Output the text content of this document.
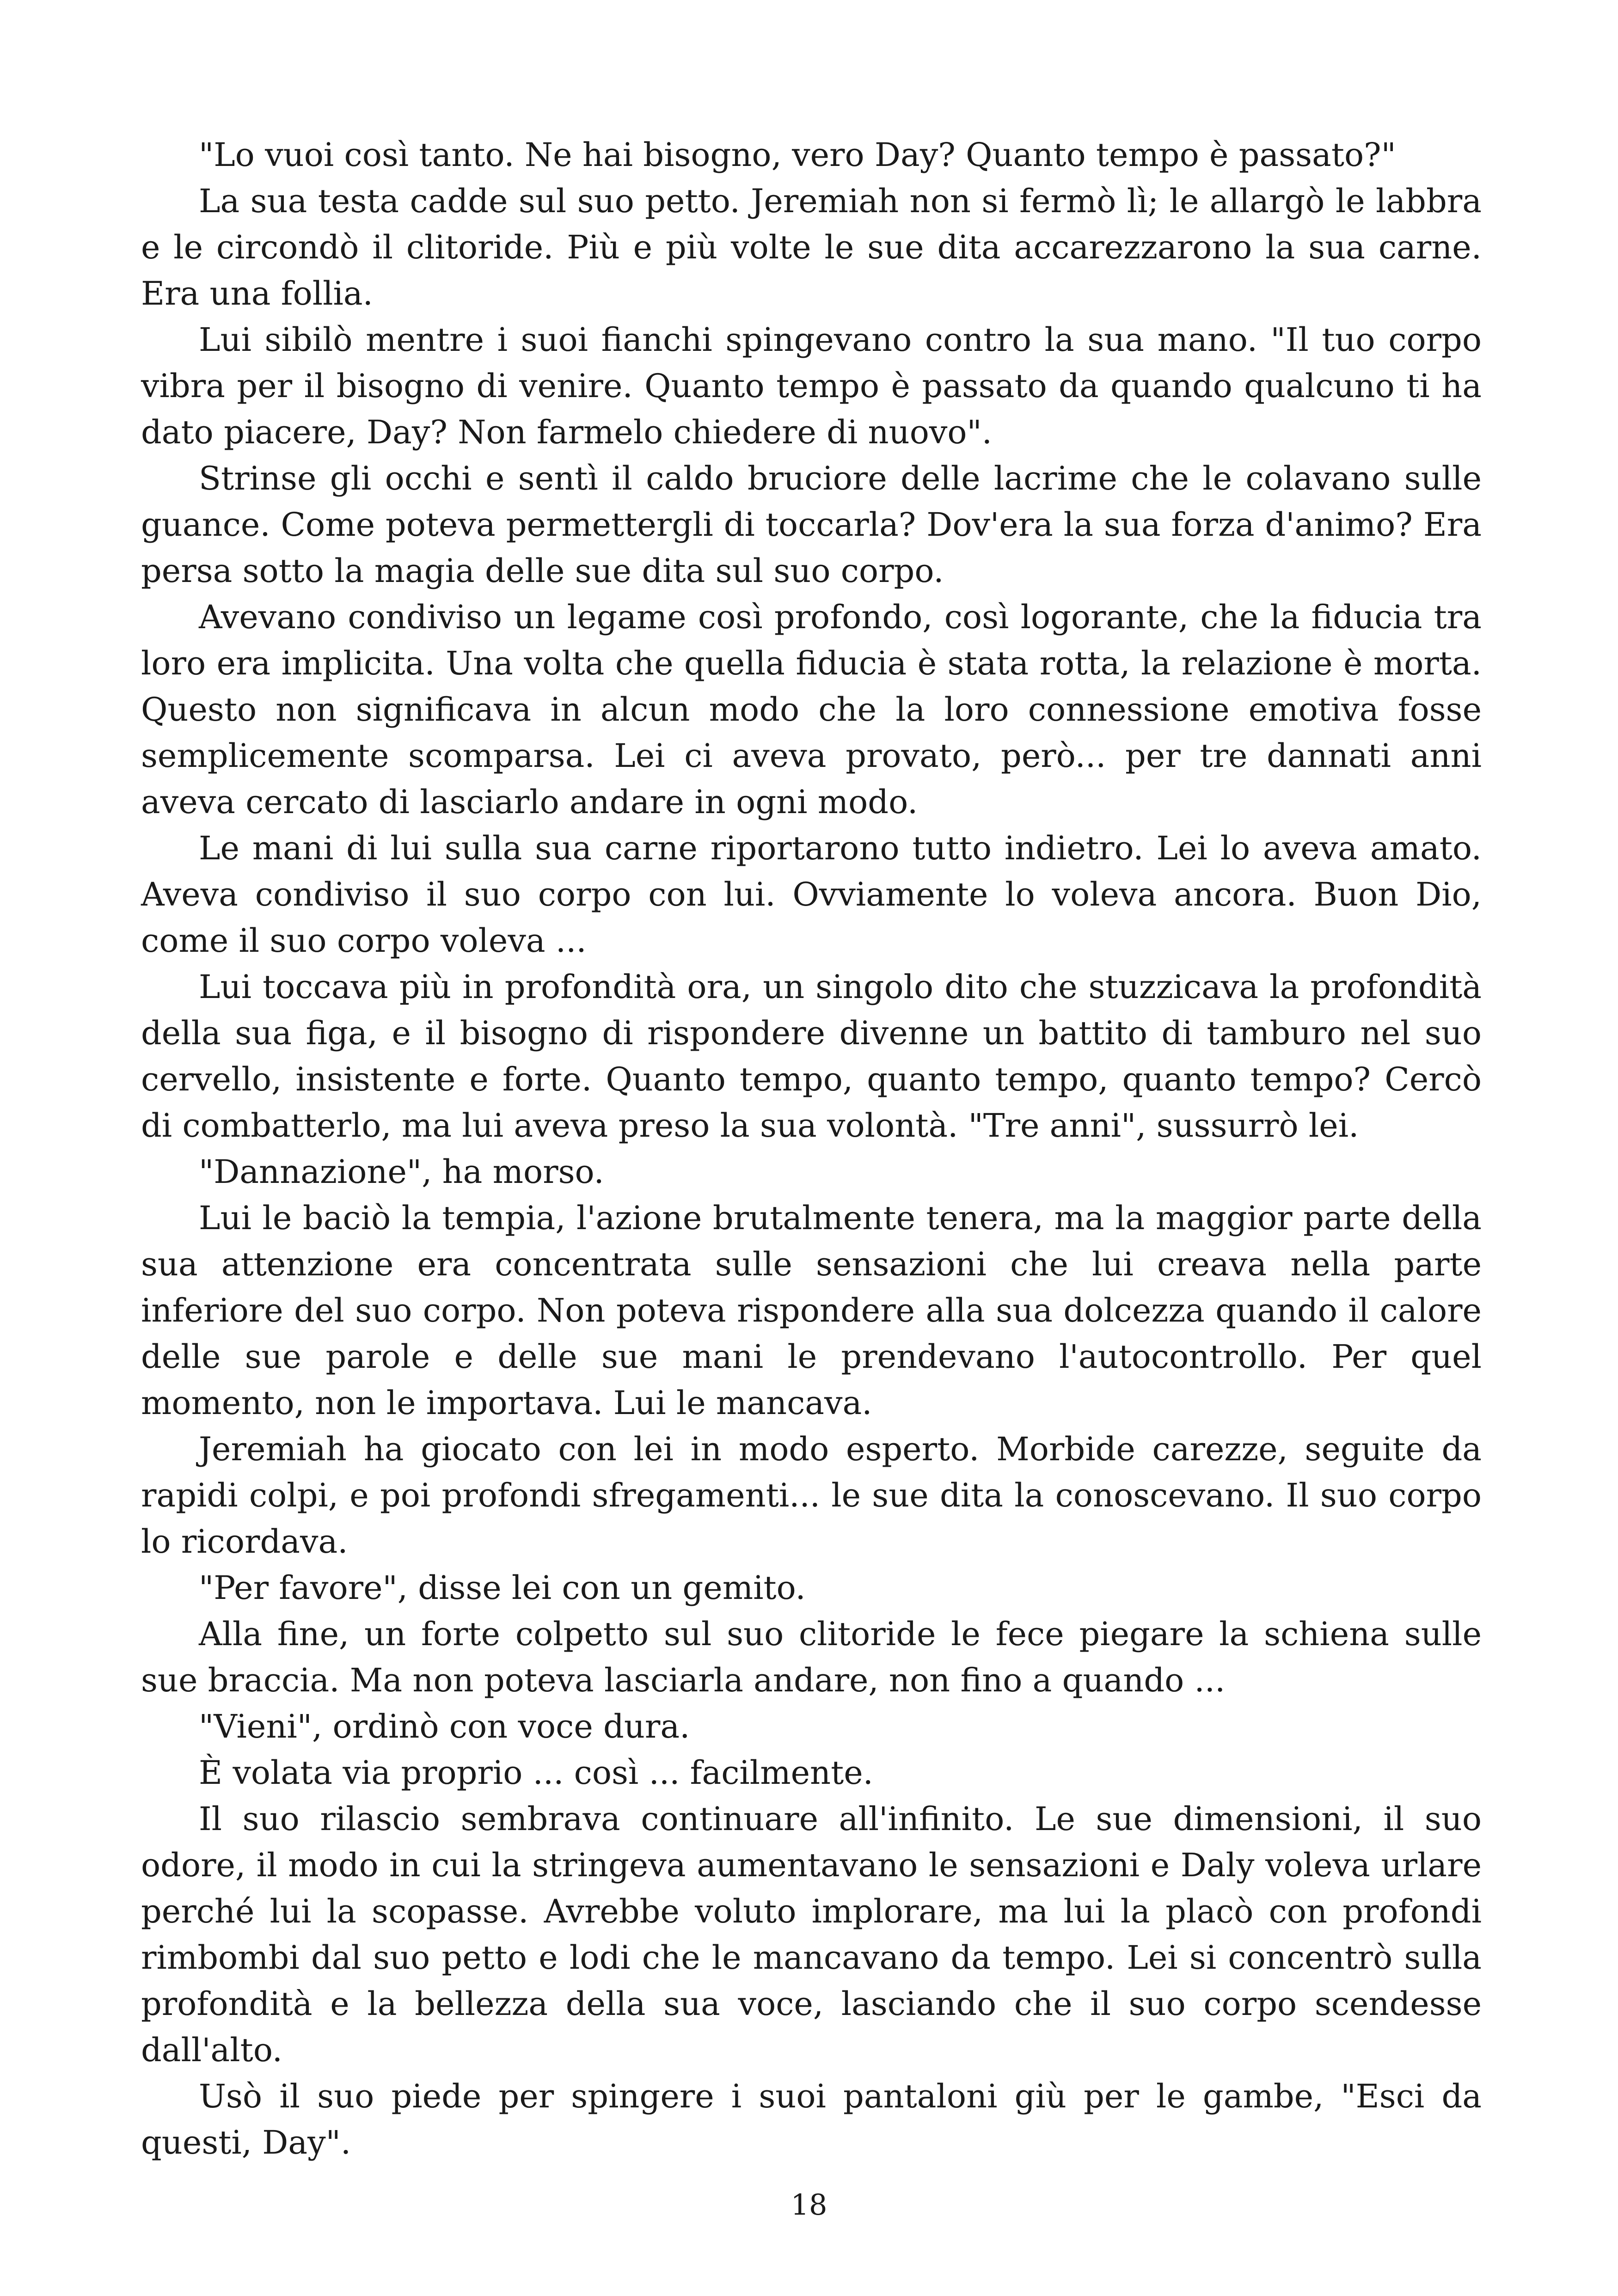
"Lo vuoi così tanto. Ne hai bisogno, vero Day? Quanto tempo è passato?"

La sua testa cadde sul suo petto. Jeremiah non si fermò lì; le allargò le labbra e le circondò il clitoride. Più e più volte le sue dita accarezzarono la sua carne. Era una follia.

Lui sibilò mentre i suoi fianchi spingevano contro la sua mano. "Il tuo corpo vibra per il bisogno di venire. Quanto tempo è passato da quando qualcuno ti ha dato piacere, Day? Non farmelo chiedere di nuovo".

Strinse gli occhi e sentì il caldo bruciore delle lacrime che le colavano sulle guance. Come poteva permettergli di toccarla? Dov'era la sua forza d'animo? Era persa sotto la magia delle sue dita sul suo corpo.

Avevano condiviso un legame così profondo, così logorante, che la fiducia tra loro era implicita. Una volta che quella fiducia è stata rotta, la relazione è morta. Questo non significava in alcun modo che la loro connessione emotiva fosse semplicemente scomparsa. Lei ci aveva provato, però... per tre dannati anni aveva cercato di lasciarlo andare in ogni modo.

Le mani di lui sulla sua carne riportarono tutto indietro. Lei lo aveva amato. Aveva condiviso il suo corpo con lui. Ovviamente lo voleva ancora. Buon Dio, come il suo corpo voleva ...

Lui toccava più in profondità ora, un singolo dito che stuzzicava la profondità della sua figa, e il bisogno di rispondere divenne un battito di tamburo nel suo cervello, insistente e forte. Quanto tempo, quanto tempo, quanto tempo? Cercò di combatterlo, ma lui aveva preso la sua volontà. "Tre anni", sussurrò lei.

"Dannazione", ha morso.

Lui le baciò la tempia, l'azione brutalmente tenera, ma la maggior parte della sua attenzione era concentrata sulle sensazioni che lui creava nella parte inferiore del suo corpo. Non poteva rispondere alla sua dolcezza quando il calore delle sue parole e delle sue mani le prendevano l'autocontrollo. Per quel momento, non le importava. Lui le mancava.

Jeremiah ha giocato con lei in modo esperto. Morbide carezze, seguite da rapidi colpi, e poi profondi sfregamenti... le sue dita la conoscevano. Il suo corpo lo ricordava.

"Per favore", disse lei con un gemito.

Alla fine, un forte colpetto sul suo clitoride le fece piegare la schiena sulle sue braccia. Ma non poteva lasciarla andare, non fino a quando ...

"Vieni", ordinò con voce dura.

È volata via proprio ... così ... facilmente.

Il suo rilascio sembrava continuare all'infinito. Le sue dimensioni, il suo odore, il modo in cui la stringeva aumentavano le sensazioni e Daly voleva urlare perché lui la scopasse. Avrebbe voluto implorare, ma lui la placò con profondi rimbombi dal suo petto e lodi che le mancavano da tempo. Lei si concentrò sulla profondità e la bellezza della sua voce, lasciando che il suo corpo scendesse dall'alto.

Usò il suo piede per spingere i suoi pantaloni giù per le gambe, "Esci da questi, Day".

18
